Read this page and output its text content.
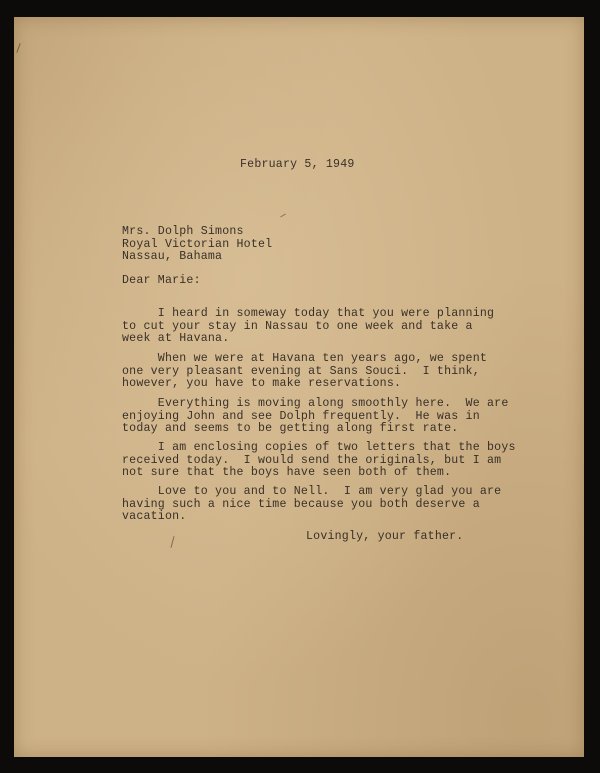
February 5, 1949
Mrs. Dolph Simons
Royal Victorian Hotel
Nassau, Bahama
Dear Marie:
I heard in someway today that you were planning
to cut your stay in Nassau to one week and take a
week at Havana.
When we were at Havana ten years ago, we spent
one very pleasant evening at Sans Souci.  I think,
however, you have to make reservations.
Everything is moving along smoothly here.  We are
enjoying John and see Dolph frequently.  He was in
today and seems to be getting along first rate.
I am enclosing copies of two letters that the boys
received today.  I would send the originals, but I am
not sure that the boys have seen both of them.
Love to you and to Nell.  I am very glad you are
having such a nice time because you both deserve a
vacation.
Lovingly, your father.
